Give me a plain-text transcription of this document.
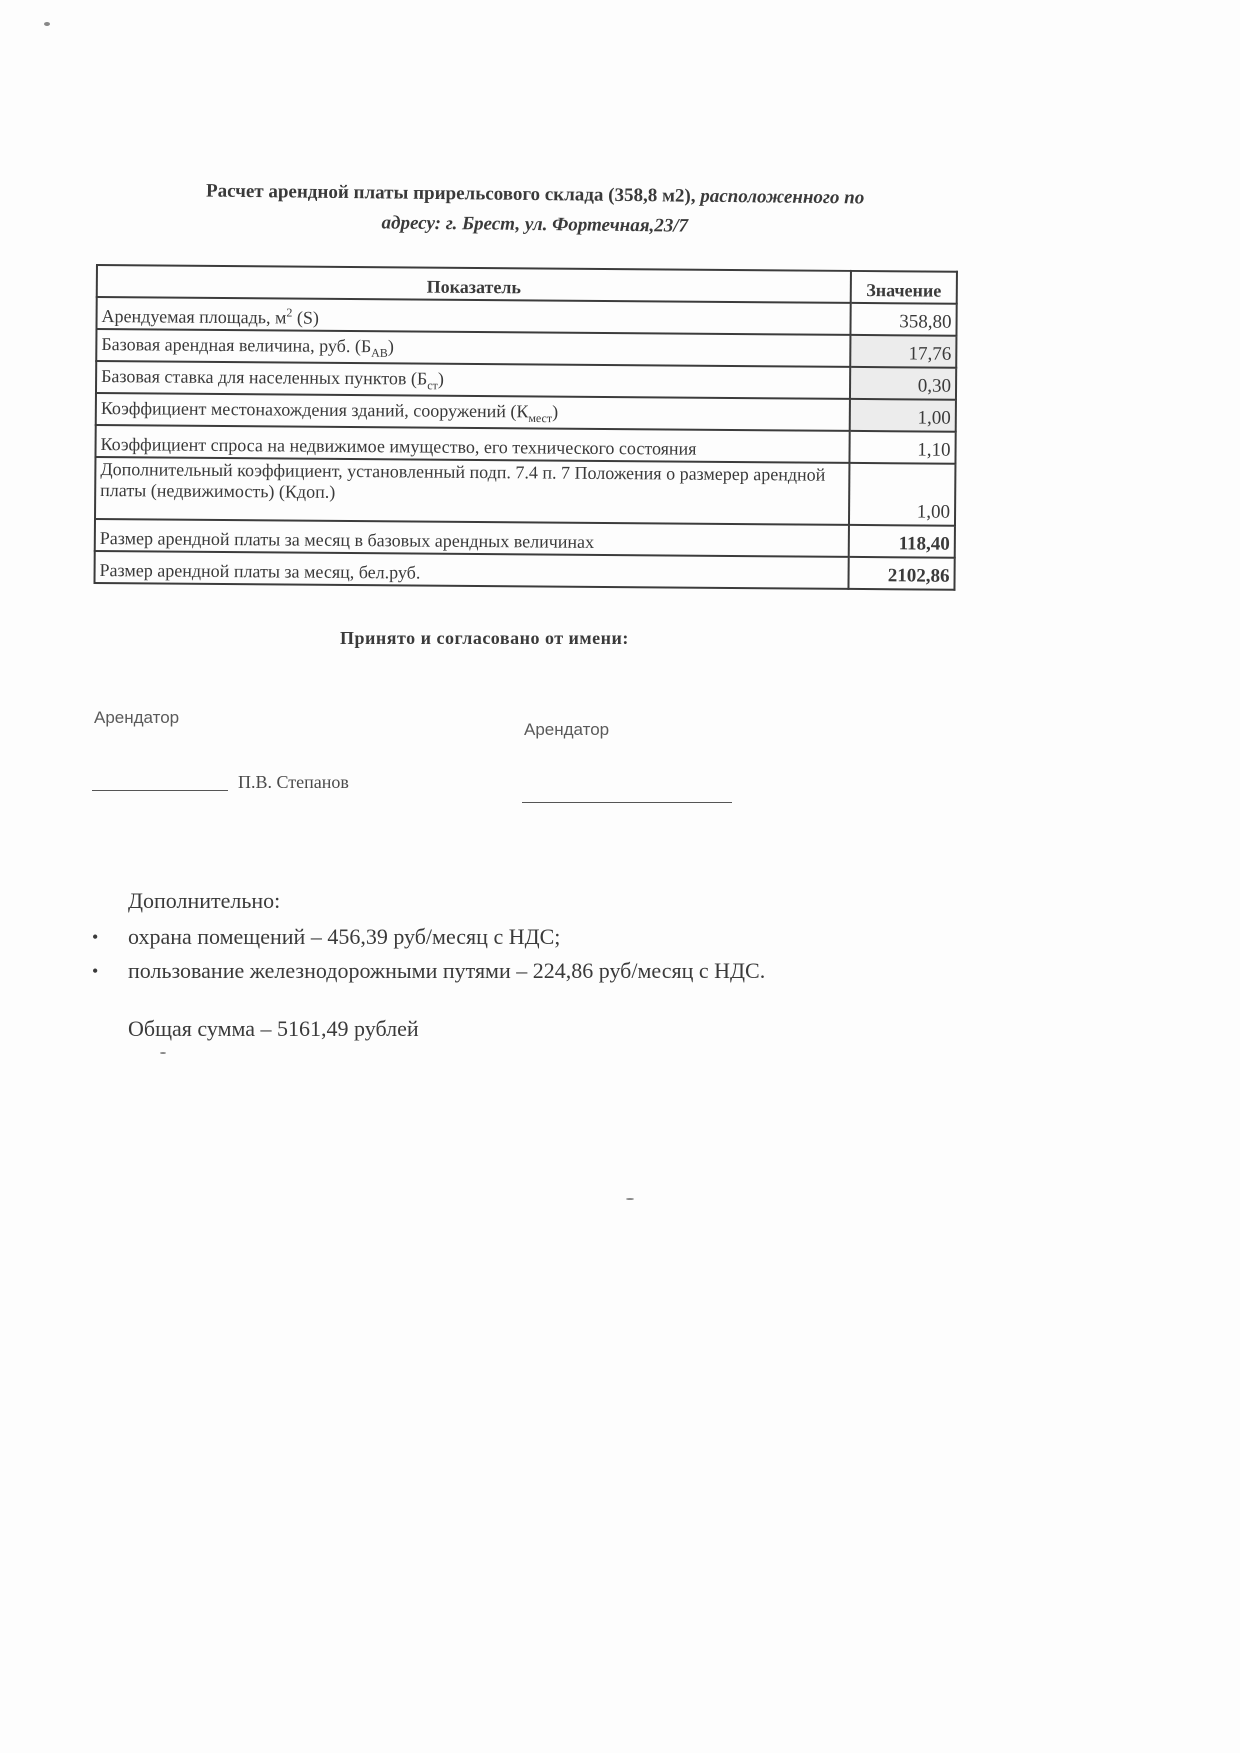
Расчет арендной платы прирельсового склада (358,8 м2), расположенного по
адресу: г. Брест, ул. Фортечная,23/7
Показатель	Значение
Арендуемая площадь, $м^2$ (S)	358,80
Базовая арендная величина, руб. $(Б_{АВ})$	17,76
Базовая ставка для населенных пунктов $(Б_{ст})$	0,30
Коэффициент местонахождения зданий, сооружений $(К_{мест})$	1,00
Коэффициент спроса на недвижимое имущество, его технического состояния	1,10
Дополнительный коэффициент, установленный подп. 7.4 п. 7 Положения о размерер арендной платы (недвижимость) (Кдоп.)	1,00
Размер арендной платы за месяц в базовых арендных величинах	118,40
Размер арендной платы за месяц, бел.руб.	2102,86
Принято и согласовано от имени:
Арендатор
Арендатор
П.В. Степанов
Дополнительно:
• охрана помещений – 456,39 руб/месяц с НДС;
• пользование железнодорожными путями – 224,86 руб/месяц с НДС.
Общая сумма – 5161,49 рублей
